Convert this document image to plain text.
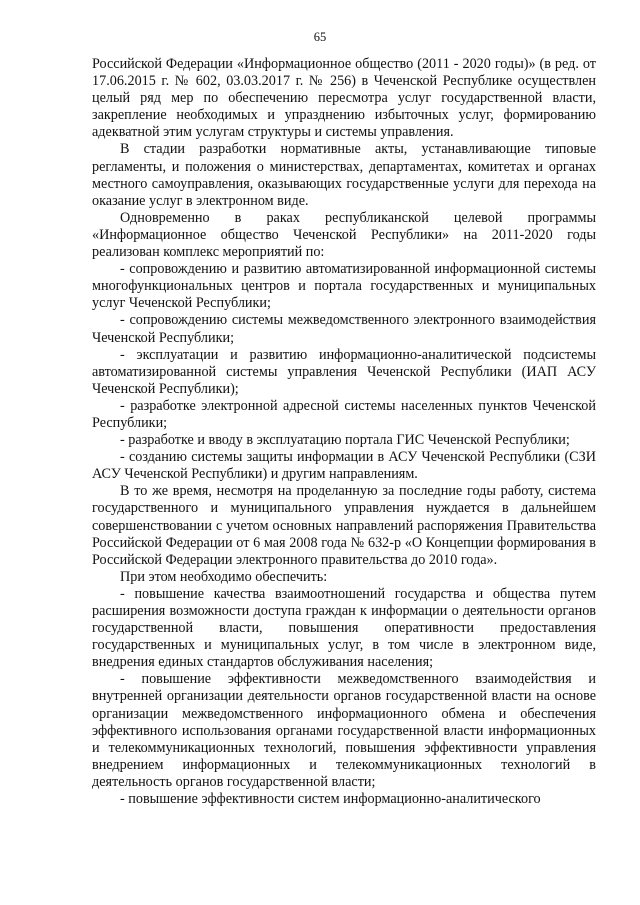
65

Российской Федерации «Информационное общество (2011 - 2020 годы)» (в ред. от 17.06.2015 г. № 602, 03.03.2017 г. № 256) в Чеченской Республике осуществлен целый ряд мер по обеспечению пересмотра услуг государственной власти, закрепление необходимых и упразднению избыточных услуг, формированию адекватной этим услугам структуры и системы управления.

В стадии разработки нормативные акты, устанавливающие типовые регламенты, и положения о министерствах, департаментах, комитетах и органах местного самоуправления, оказывающих государственные услуги для перехода на оказание услуг в электронном виде.

Одновременно в раках республиканской целевой программы «Информационное общество Чеченской Республики» на 2011-2020 годы реализован комплекс мероприятий по:

- сопровождению и развитию автоматизированной информационной системы многофункциональных центров и портала государственных и муниципальных услуг Чеченской Республики;

- сопровождению системы межведомственного электронного взаимодействия Чеченской Республики;

- эксплуатации и развитию информационно-аналитической подсистемы автоматизированной системы управления Чеченской Республики (ИАП АСУ Чеченской Республики);

- разработке электронной адресной системы населенных пунктов Чеченской Республики;

- разработке и вводу в эксплуатацию портала ГИС Чеченской Республики;

- созданию системы защиты информации в АСУ Чеченской Республики (СЗИ АСУ Чеченской Республики) и другим направлениям.

В то же время, несмотря на проделанную за последние годы работу, система государственного и муниципального управления нуждается в дальнейшем совершенствовании с учетом основных направлений распоряжения Правительства Российской Федерации от 6 мая 2008 года № 632-р «О Концепции формирования в Российской Федерации электронного правительства до 2010 года».

При этом необходимо обеспечить:

- повышение качества взаимоотношений государства и общества путем расширения возможности доступа граждан к информации о деятельности органов государственной власти, повышения оперативности предоставления государственных и муниципальных услуг, в том числе в электронном виде, внедрения единых стандартов обслуживания населения;

- повышение эффективности межведомственного взаимодействия и внутренней организации деятельности органов государственной власти на основе организации межведомственного информационного обмена и обеспечения эффективного использования органами государственной власти информационных и телекоммуникационных технологий, повышения эффективности управления внедрением информационных и телекоммуникационных технологий в деятельность органов государственной власти;

- повышение эффективности систем информационно-аналитического
